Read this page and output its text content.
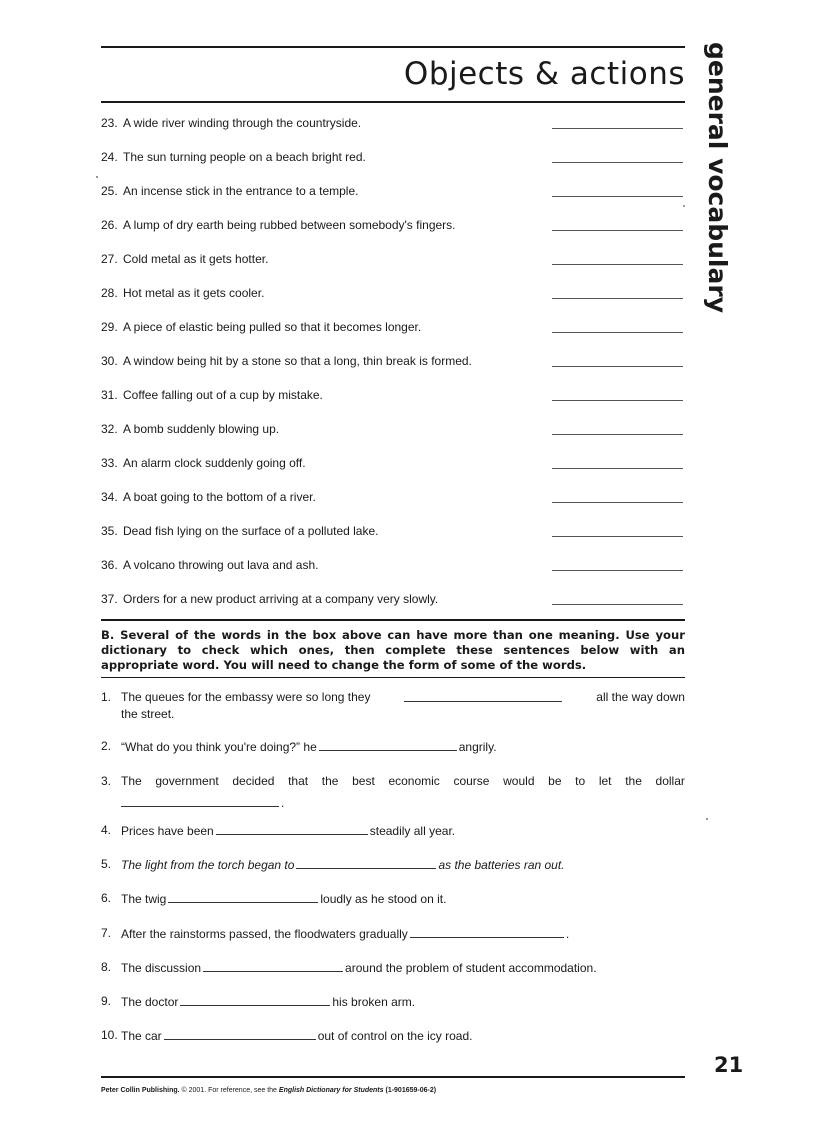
Objects & actions general vocabulary
23. A wide river winding through the countryside.
24. The sun turning people on a beach bright red.
25. An incense stick in the entrance to a temple.
26. A lump of dry earth being rubbed between somebody's fingers.
27. Cold metal as it gets hotter.
28. Hot metal as it gets cooler.
29. A piece of elastic being pulled so that it becomes longer.
30. A window being hit by a stone so that a long, thin break is formed.
31. Coffee falling out of a cup by mistake.
32. A bomb suddenly blowing up.
33. An alarm clock suddenly going off.
34. A boat going to the bottom of a river.
35. Dead fish lying on the surface of a polluted lake.
36. A volcano throwing out lava and ash.
37. Orders for a new product arriving at a company very slowly.
B. Several of the words in the box above can have more than one meaning. Use your dictionary to check which ones, then complete these sentences below with an appropriate word. You will need to change the form of some of the words.
1. The queues for the embassy were so long they	all the way down
the street.
2. “What do you think you're doing?” he	angrily.
3. The government decided that the best economic course would be to let the dollar
.
4. Prices have been	steadily all year.
5. The light from the torch began to	as the batteries ran out.
6. The twig	loudly as he stood on it.
7. After the rainstorms passed, the floodwaters gradually	.
8. The discussion	around the problem of student accommodation.
9. The doctor	his broken arm.
10. The car	out of control on the icy road.
21
Peter Collin Publishing. © 2001. For reference, see the English Dictionary for Students (1-901659-06-2)
